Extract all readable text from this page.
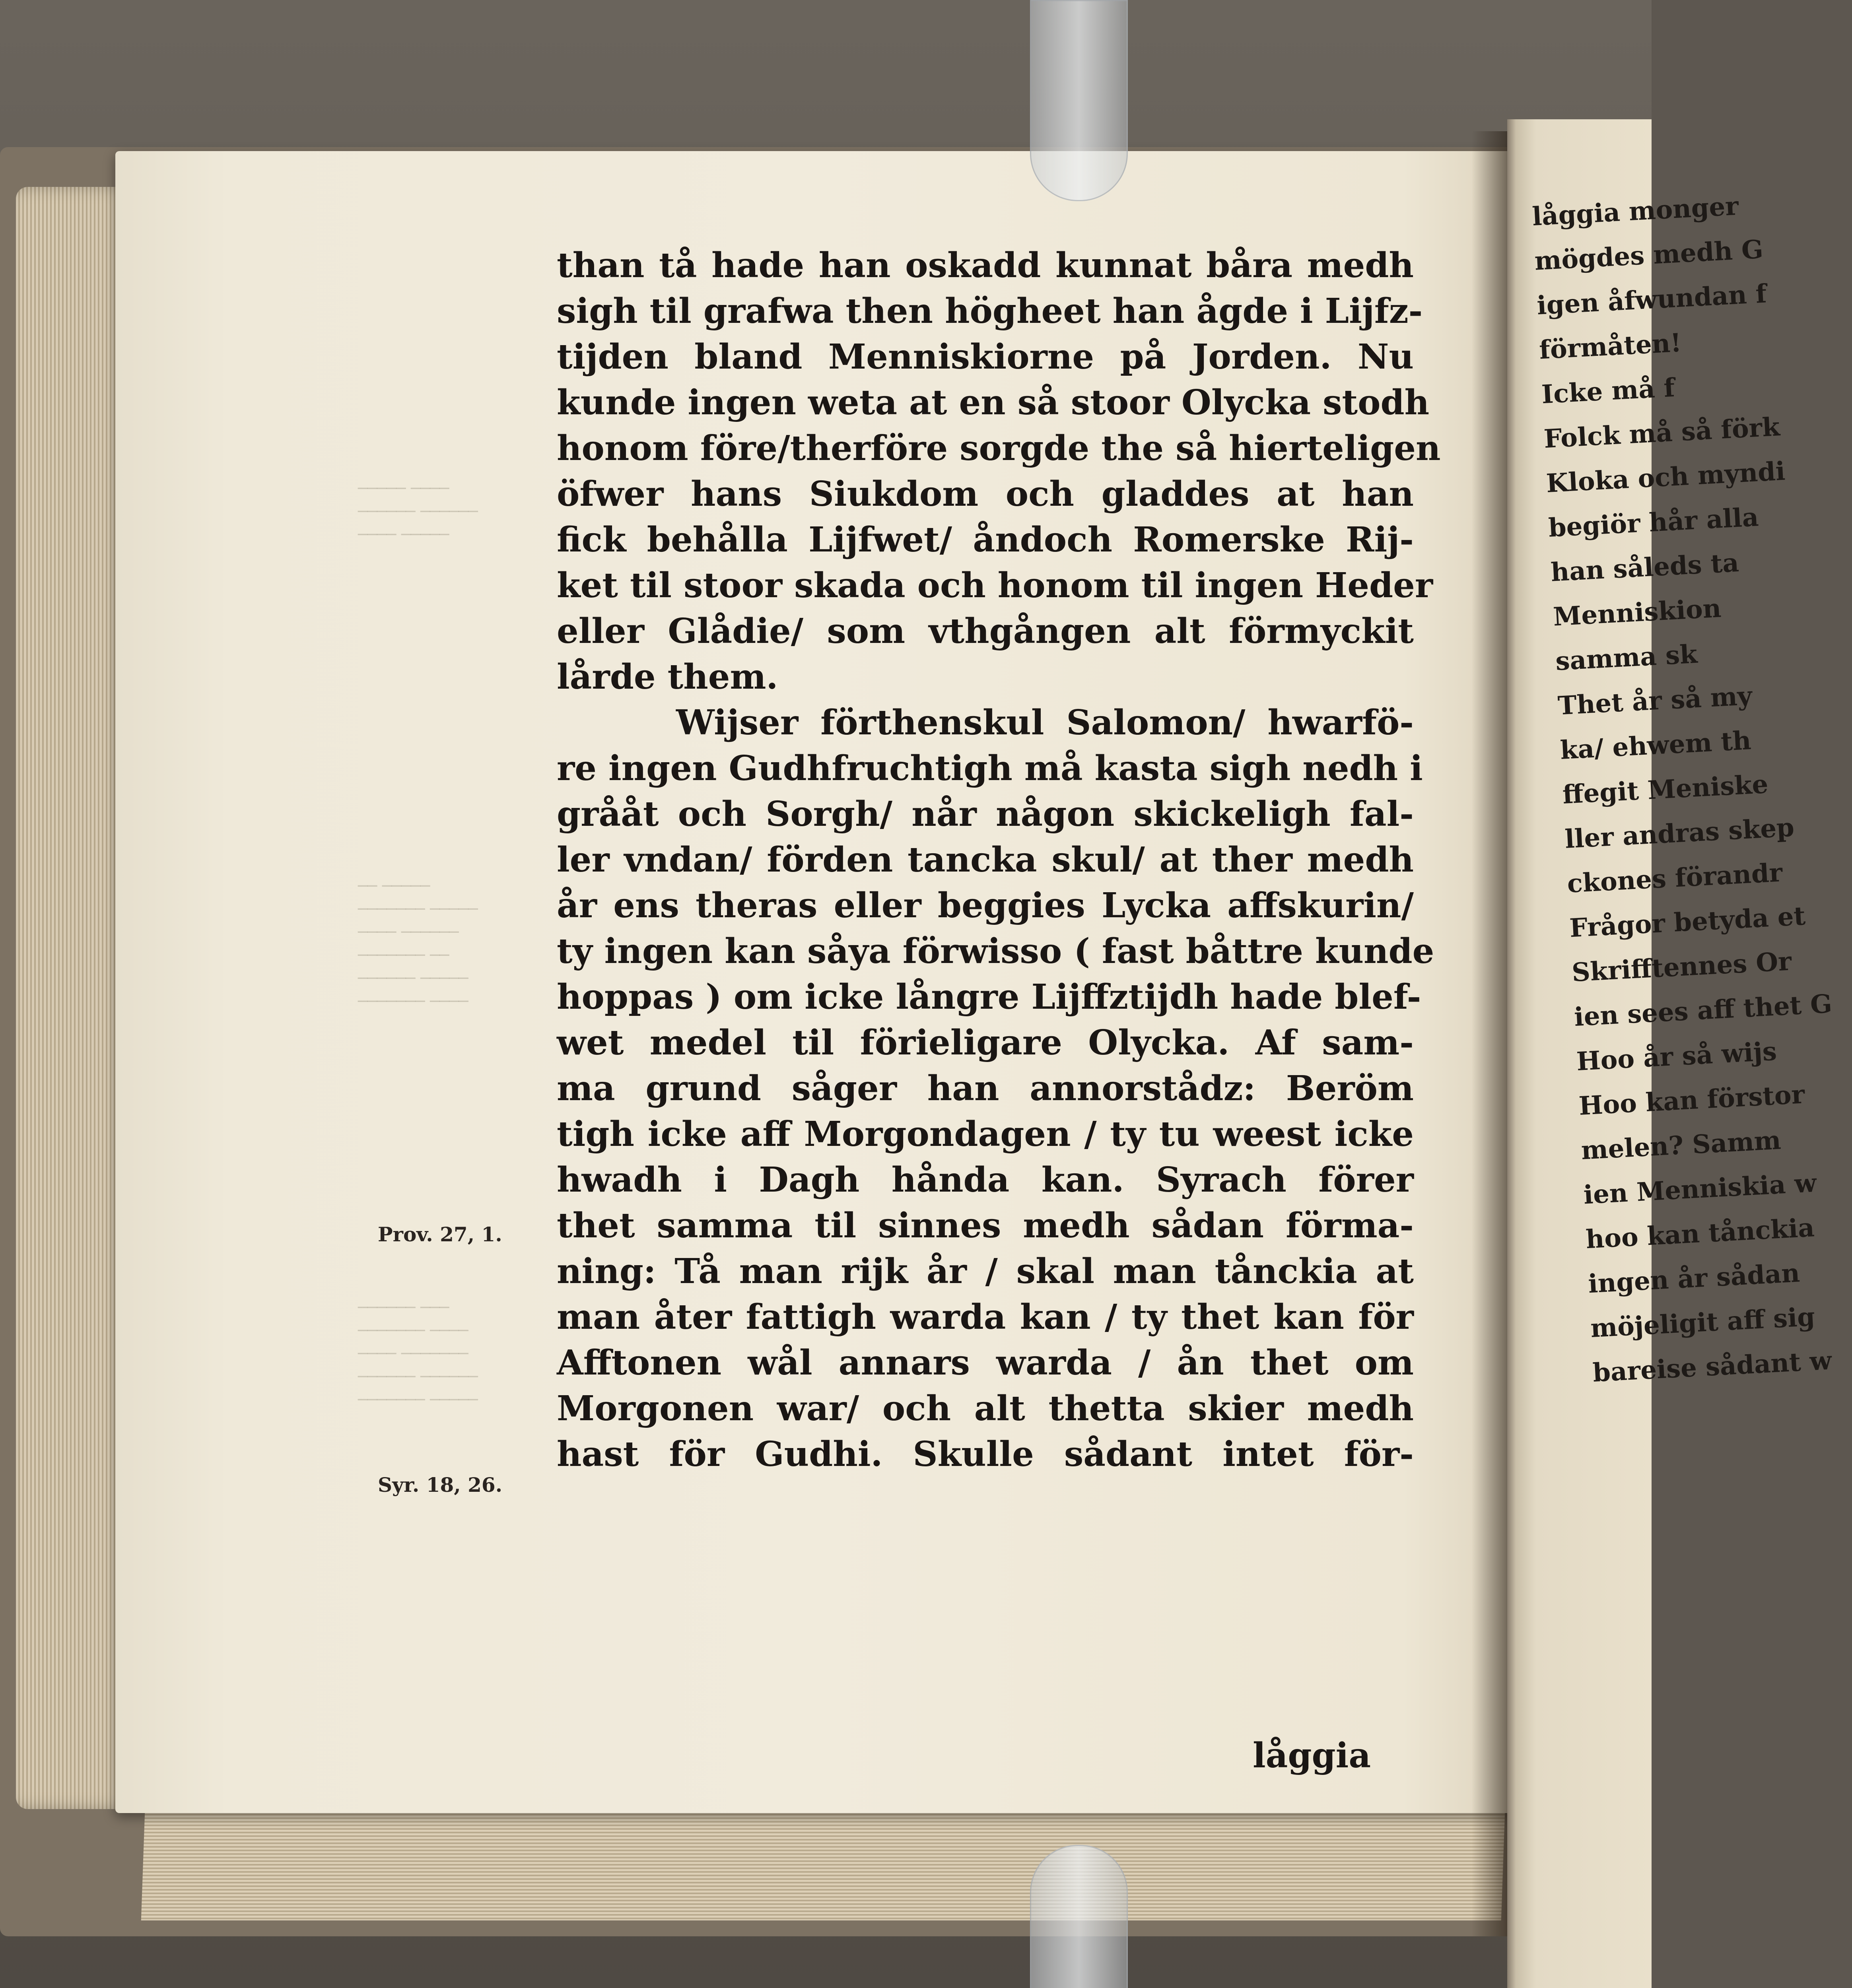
───── ────
────── ──────
──── ─────
── ─────
─────── ─────
──── ──────
─────── ──
────── ─────
─────── ────
────── ───
─────── ────
──── ───────
────── ──────
─────── ─────
than tå hade han oskadd kunnat båra medh
sigh til grafwa then högheet han ågde i Lijfz-
tijden bland Menniskiorne på Jorden. Nu
kunde ingen weta at en så stoor Olycka stodh
honom före/therföre sorgde the så hierteligen
öfwer hans Siukdom och gladdes at han
fick behålla Lijfwet/ åndoch Romerske Rij-
ket til stoor skada och honom til ingen Heder
eller Glådie/ som vthgången alt förmyckit
lårde them.
Wijser förthenskul Salomon/ hwarfö-
re ingen Gudhfruchtigh må kasta sigh nedh i
grååt och Sorgh/ når någon skickeligh fal-
ler vndan/ förden tancka skul/ at ther medh
år ens theras eller beggies Lycka affskurin/
ty ingen kan såya förwisso ( fast båttre kunde
hoppas ) om icke långre Lijffztijdh hade blef-
wet medel til förieligare Olycka. Af sam-
ma grund såger han annorstådz: Beröm
tigh icke aff Morgondagen / ty tu weest icke
hwadh i Dagh hånda kan. Syrach förer
thet samma til sinnes medh sådan förma-
ning: Tå man rijk år / skal man tånckia at
man åter fattigh warda kan / ty thet kan för
Afftonen wål annars warda / ån thet om
Morgonen war/ och alt thetta skier medh
hast för Gudhi. Skulle sådant intet för-
låggia
Prov. 27, 1.
Syr. 18, 26.
låggia monger
mögdes medh G
igen åfwundan f
förmåten!
Icke må f
Folck må så förk
Kloka och myndi
begiör hår alla
han såleds ta
Menniskion
samma sk
Thet år så my
ka/ ehwem th
ffegit Meniske
ller andras skep
ckones förandr
Frågor betyda et
Skrifftennes Or
ien sees aff thet G
Hoo år så wijs
Hoo kan förstor
melen? Samm
ien Menniskia w
hoo kan tånckia
ingen år sådan
möjeligit aff sig
bareise sådant w
